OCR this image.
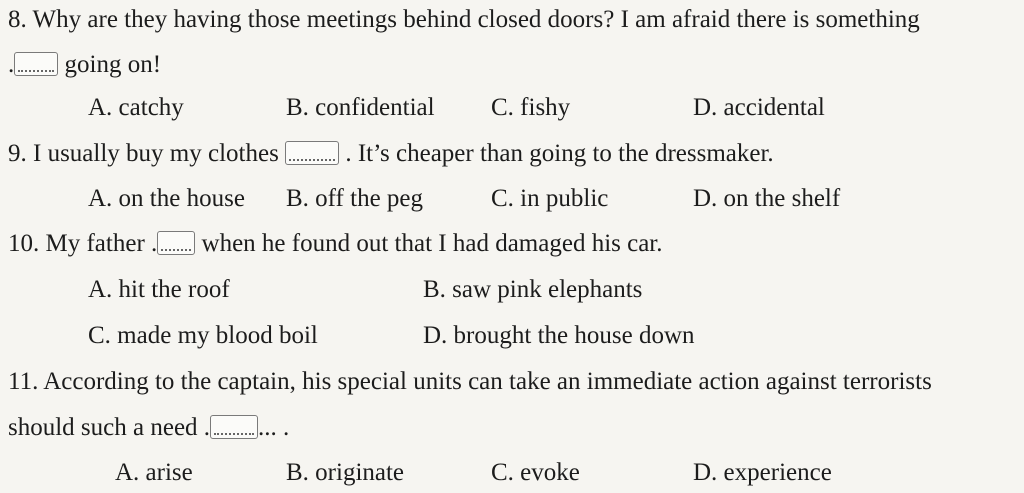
8. Why are they having those meetings behind closed doors? I am afraid there is something
. going on!
A. catchy	B. confidential C. fishy	D. accidental
9. I usually buy my clothes  . It’s cheaper than going to the dressmaker.
A. on the house B. off the peg	C. in public	D. on the shelf
10. My father . when he found out that I had damaged his car.
A. hit the roof	B. saw pink elephants
C. made my blood boil	D. brought the house down
11. According to the captain, his special units can take an immediate action against terrorists
should such a need . ... .
A. arise	B. originate	C. evoke	D. experience
